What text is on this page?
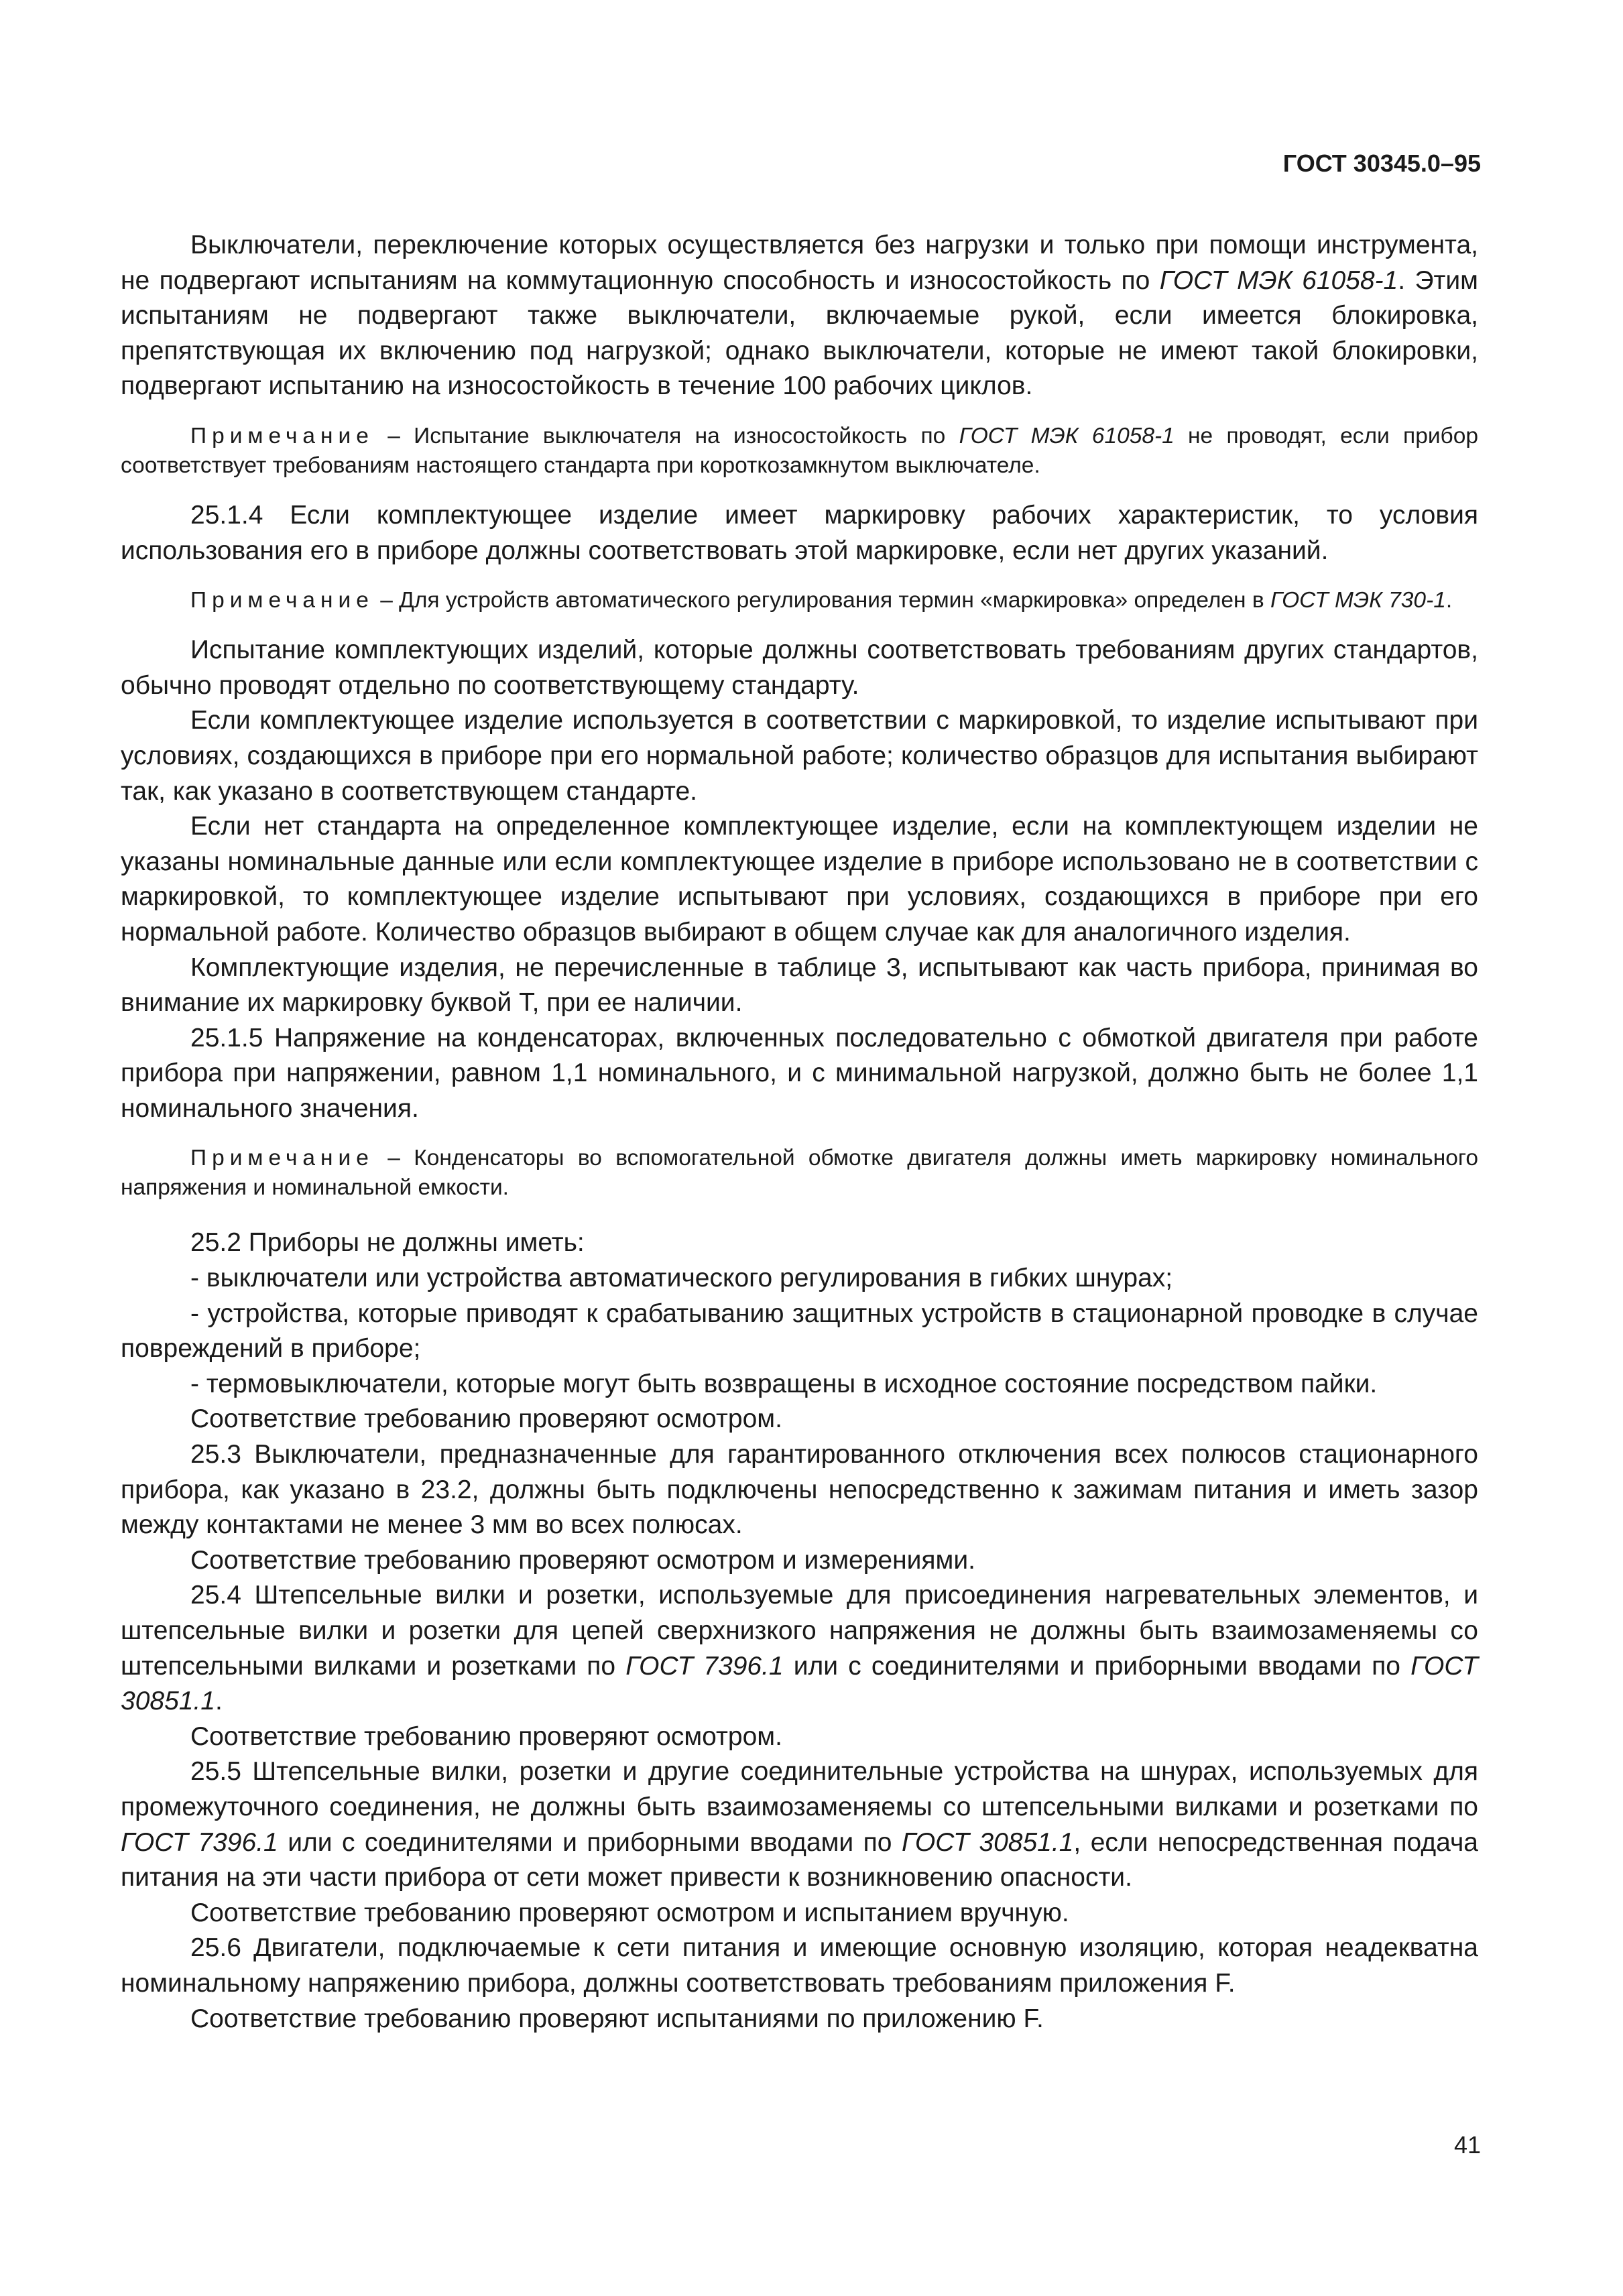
ГОСТ 30345.0–95

Выключатели, переключение которых осуществляется без нагрузки и только при помощи инструмента, не подвергают испытаниям на коммутационную способность и износостойкость по ГОСТ МЭК 61058-1. Этим испытаниям не подвергают также выключатели, включаемые рукой, если имеется блокировка, препятствующая их включению под нагрузкой; однако выключатели, которые не имеют такой блокировки, подвергают испытанию на износостойкость в течение 100 рабочих циклов.

Примечание – Испытание выключателя на износостойкость по ГОСТ МЭК 61058-1 не проводят, если прибор соответствует требованиям настоящего стандарта при короткозамкнутом выключателе.

25.1.4 Если комплектующее изделие имеет маркировку рабочих характеристик, то условия использования его в приборе должны соответствовать этой маркировке, если нет других указаний.

Примечание – Для устройств автоматического регулирования термин «маркировка» определен в ГОСТ МЭК 730-1.

Испытание комплектующих изделий, которые должны соответствовать требованиям других стандартов, обычно проводят отдельно по соответствующему стандарту.

Если комплектующее изделие используется в соответствии с маркировкой, то изделие испытывают при условиях, создающихся в приборе при его нормальной работе; количество образцов для испытания выбирают так, как указано в соответствующем стандарте.

Если нет стандарта на определенное комплектующее изделие, если на комплектующем изделии не указаны номинальные данные или если комплектующее изделие в приборе использовано не в соответствии с маркировкой, то комплектующее изделие испытывают при условиях, создающихся в приборе при его нормальной работе. Количество образцов выбирают в общем случае как для аналогичного изделия.

Комплектующие изделия, не перечисленные в таблице 3, испытывают как часть прибора, принимая во внимание их маркировку буквой Т, при ее наличии.

25.1.5 Напряжение на конденсаторах, включенных последовательно с обмоткой двигателя при работе прибора при напряжении, равном 1,1 номинального, и с минимальной нагрузкой, должно быть не более 1,1 номинального значения.

Примечание – Конденсаторы во вспомогательной обмотке двигателя должны иметь маркировку номинального напряжения и номинальной емкости.

25.2 Приборы не должны иметь:

- выключатели или устройства автоматического регулирования в гибких шнурах;

- устройства, которые приводят к срабатыванию защитных устройств в стационарной проводке в случае повреждений в приборе;

- термовыключатели, которые могут быть возвращены в исходное состояние посредством пайки.

Соответствие требованию проверяют осмотром.

25.3 Выключатели, предназначенные для гарантированного отключения всех полюсов стационарного прибора, как указано в 23.2, должны быть подключены непосредственно к зажимам питания и иметь зазор между контактами не менее 3 мм во всех полюсах.

Соответствие требованию проверяют осмотром и измерениями.

25.4 Штепсельные вилки и розетки, используемые для присоединения нагревательных элементов, и штепсельные вилки и розетки для цепей сверхнизкого напряжения не должны быть взаимозаменяемы со штепсельными вилками и розетками по ГОСТ 7396.1 или с соединителями и приборными вводами по ГОСТ 30851.1.

Соответствие требованию проверяют осмотром.

25.5 Штепсельные вилки, розетки и другие соединительные устройства на шнурах, используемых для промежуточного соединения, не должны быть взаимозаменяемы со штепсельными вилками и розетками по ГОСТ 7396.1 или с соединителями и приборными вводами по ГОСТ 30851.1, если непосредственная подача питания на эти части прибора от сети может привести к возникновению опасности.

Соответствие требованию проверяют осмотром и испытанием вручную.

25.6 Двигатели, подключаемые к сети питания и имеющие основную изоляцию, которая неадекватна номинальному напряжению прибора, должны соответствовать требованиям приложения F.

Соответствие требованию проверяют испытаниями по приложению F.

41
